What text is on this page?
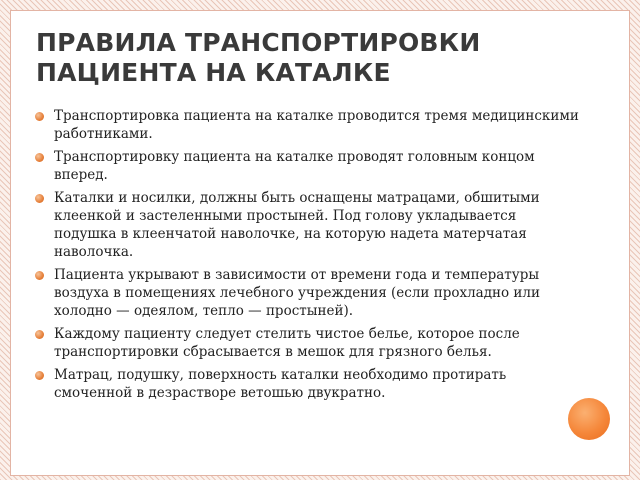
ПРАВИЛА ТРАНСПОРТИРОВКИ ПАЦИЕНТА НА КАТАЛКЕ
Транспортировка пациента на каталке проводится тремя медицинскими работниками.
Транспортировку пациента на каталке проводят головным концом вперед.
Каталки и носилки, должны быть оснащены матрацами, обшитыми клеенкой и застеленными простыней. Под голову укладывается подушка в клеенчатой наволочке, на которую надета матерчатая наволочка.
Пациента укрывают в зависимости от времени года и температуры воздуха в помещениях лечебного учреждения (если прохладно или холодно — одеялом, тепло — простыней).
Каждому пациенту следует стелить чистое белье, которое после транспортировки сбрасывается в мешок для грязного белья.
Матрац, подушку, поверхность каталки необходимо протирать смоченной в дезрастворе ветошью двукратно.
